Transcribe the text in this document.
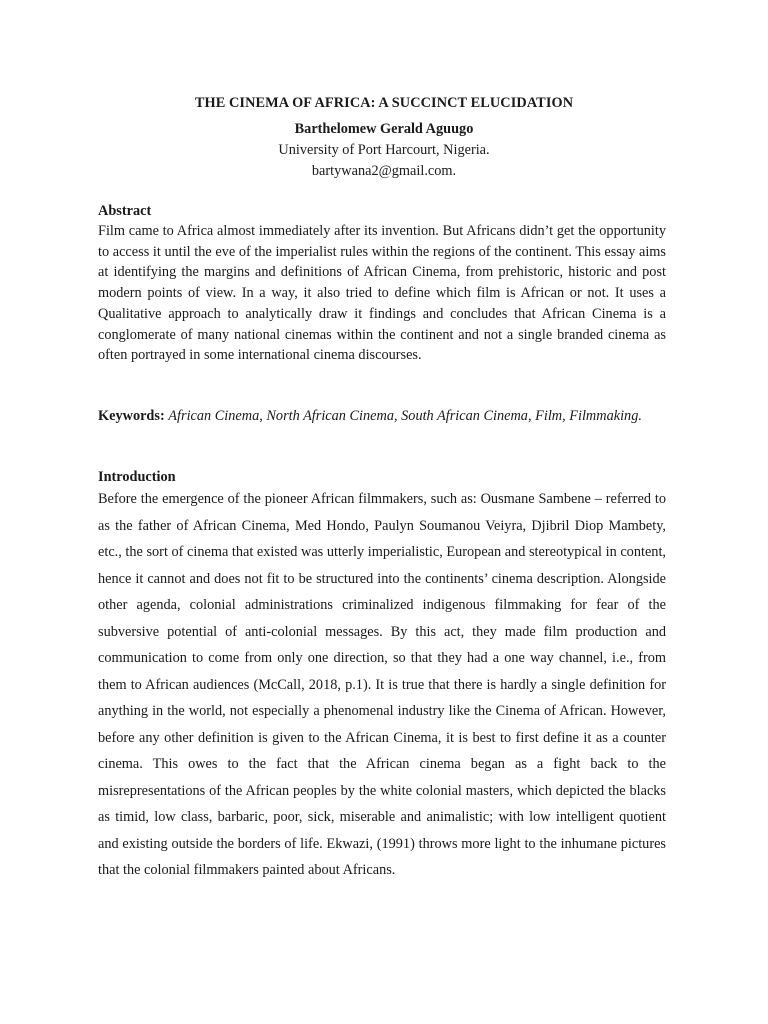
THE CINEMA OF AFRICA: A SUCCINCT ELUCIDATION
Barthelomew Gerald Aguugo
University of Port Harcourt, Nigeria.
bartywana2@gmail.com.
Abstract
Film came to Africa almost immediately after its invention. But Africans didn’t get the opportunity to access it until the eve of the imperialist rules within the regions of the continent. This essay aims at identifying the margins and definitions of African Cinema, from prehistoric, historic and post modern points of view. In a way, it also tried to define which film is African or not. It uses a Qualitative approach to analytically draw it findings and concludes that African Cinema is a conglomerate of many national cinemas within the continent and not a single branded cinema as often portrayed in some international cinema discourses.
Keywords: African Cinema, North African Cinema, South African Cinema, Film, Filmmaking.
Introduction
Before the emergence of the pioneer African filmmakers, such as: Ousmane Sambene – referred to as the father of African Cinema, Med Hondo, Paulyn Soumanou Veiyra, Djibril Diop Mambety, etc., the sort of cinema that existed was utterly imperialistic, European and stereotypical in content, hence it cannot and does not fit to be structured into the continents’ cinema description. Alongside other agenda, colonial administrations criminalized indigenous filmmaking for fear of the subversive potential of anti-colonial messages. By this act, they made film production and communication to come from only one direction, so that they had a one way channel, i.e., from them to African audiences (McCall, 2018, p.1). It is true that there is hardly a single definition for anything in the world, not especially a phenomenal industry like the Cinema of African. However, before any other definition is given to the African Cinema, it is best to first define it as a counter cinema. This owes to the fact that the African cinema began as a fight back to the misrepresentations of the African peoples by the white colonial masters, which depicted the blacks as timid, low class, barbaric, poor, sick, miserable and animalistic; with low intelligent quotient and existing outside the borders of life. Ekwazi, (1991) throws more light to the inhumane pictures that the colonial filmmakers painted about Africans.
